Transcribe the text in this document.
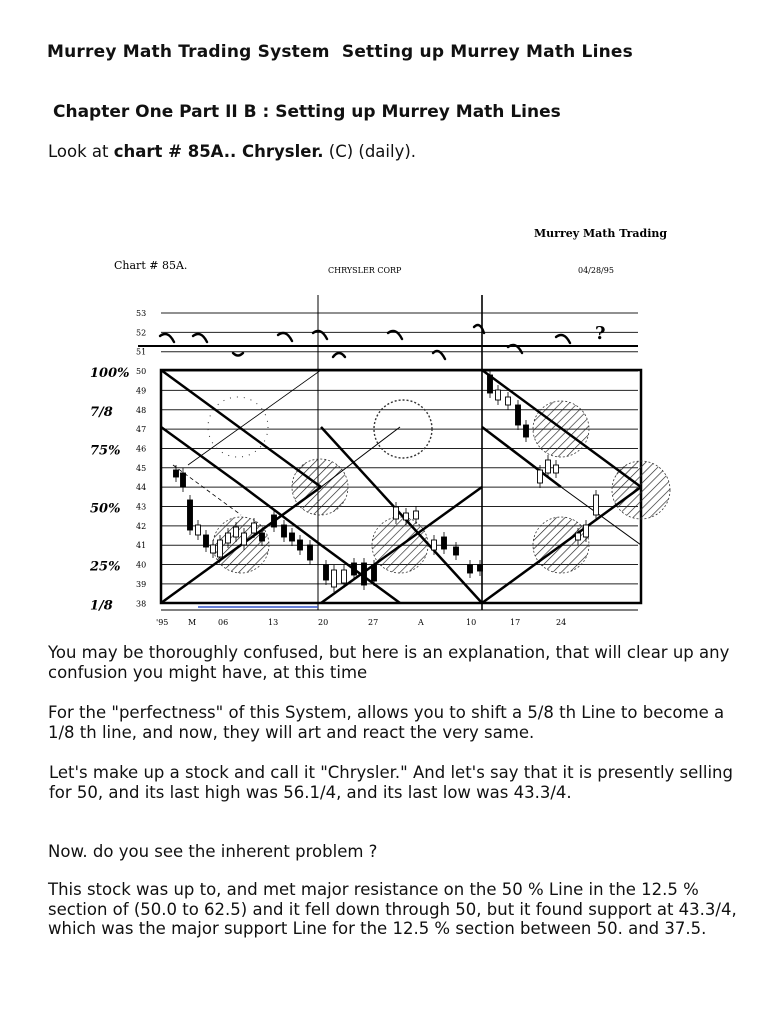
Murrey Math Trading System  Setting up Murrey Math Lines
Chapter One Part II B : Setting up Murrey Math Lines
Look at chart # 85A.. Chrysler. (C) (daily).
Murrey Math Trading
Chart # 85A.	CHRYSLER CORP	04/28/95
53
52
51
50
49
48
47
46
45
44
43
42
41
40
39
38
?
100%
7/8
75%
50%
25%
1/8
'95 M	06	13	20	27	A	10	17	24
You may be thoroughly confused, but here is an explanation, that will clear up any confusion you might have, at this time
For the "perfectness" of this System, allows you to shift a 5/8 th Line to become a 1/8 th line, and now, they will art and react the very same.
Let's make up a stock and call it "Chrysler." And let's say that it is presently selling for 50, and its last high was 56.1/4, and its last low was 43.3/4.
Now. do you see the inherent problem ?
This stock was up to, and met major resistance on the 50 % Line in the 12.5 % section of (50.0 to 62.5) and it fell down through 50, but it found support at 43.3/4, which was the major support Line for the 12.5 % section between 50. and 37.5.
